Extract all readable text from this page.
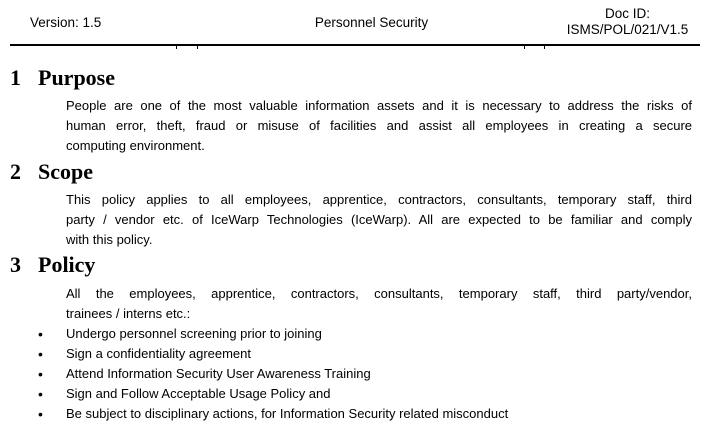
Version: 1.5	Personnel Security
Doc ID:
ISMS/POL/021/V1.5
1 Purpose
People are one of the most valuable information assets and it is necessary to address the risks of
human error, theft, fraud or misuse of facilities and assist all employees in creating a secure
computing environment.
2 Scope
This policy applies to all employees, apprentice, contractors, consultants, temporary staff, third
party / vendor etc. of IceWarp Technologies (IceWarp). All are expected to be familiar and comply
with this policy.
3 Policy
All the employees, apprentice, contractors, consultants, temporary staff, third party/vendor,
trainees / interns etc.:
•	Undergo personnel screening prior to joining
•	Sign a confidentiality agreement
•	Attend Information Security User Awareness Training
•	Sign and Follow Acceptable Usage Policy and
•	Be subject to disciplinary actions, for Information Security related misconduct
